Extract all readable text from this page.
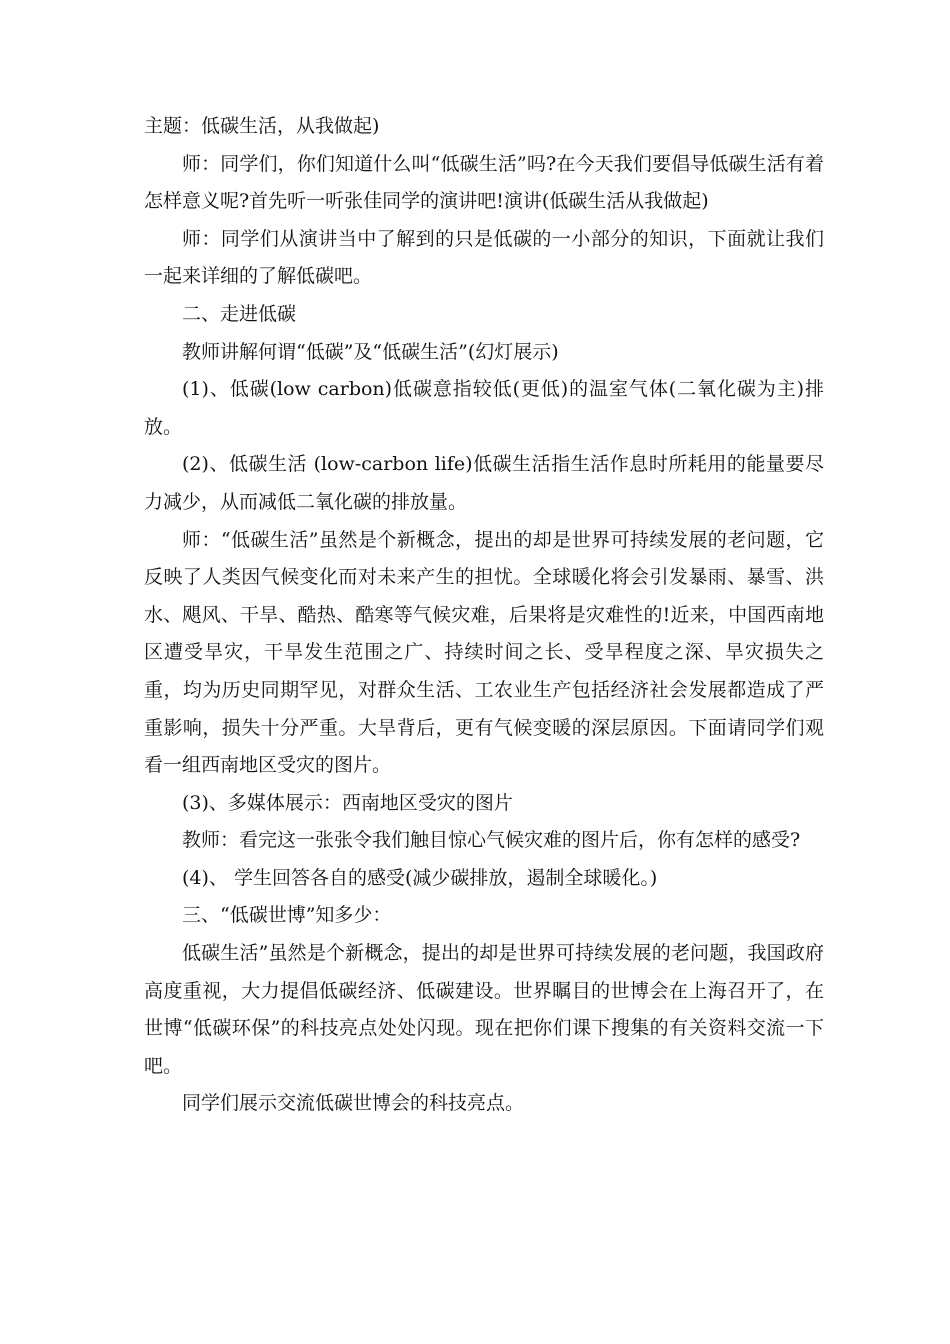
主题：低碳生活，从我做起)

师：同学们，你们知道什么叫“低碳生活”吗?在今天我们要倡导低碳生活有着怎样意义呢?首先听一听张佳同学的演讲吧!演讲(低碳生活从我做起)

师：同学们从演讲当中了解到的只是低碳的一小部分的知识，下面就让我们一起来详细的了解低碳吧。

二、走进低碳

教师讲解何谓“低碳”及“低碳生活”(幻灯展示)

(1)、低碳(low carbon)低碳意指较低(更低)的温室气体(二氧化碳为主)排放。

(2)、低碳生活 (low-carbon life)低碳生活指生活作息时所耗用的能量要尽力减少，从而减低二氧化碳的排放量。

师：“低碳生活”虽然是个新概念，提出的却是世界可持续发展的老问题，它反映了人类因气候变化而对未来产生的担忧。全球暖化将会引发暴雨、暴雪、洪水、飓风、干旱、酷热、酷寒等气候灾难，后果将是灾难性的!近来，中国西南地区遭受旱灾，干旱发生范围之广、持续时间之长、受旱程度之深、旱灾损失之重，均为历史同期罕见，对群众生活、工农业生产包括经济社会发展都造成了严重影响，损失十分严重。大旱背后，更有气候变暖的深层原因。下面请同学们观看一组西南地区受灾的图片。

(3)、多媒体展示：西南地区受灾的图片

教师：看完这一张张令我们触目惊心气候灾难的图片后，你有怎样的感受?

(4)、 学生回答各自的感受(减少碳排放，遏制全球暖化。)

三、“低碳世博”知多少：

低碳生活”虽然是个新概念，提出的却是世界可持续发展的老问题，我国政府高度重视，大力提倡低碳经济、低碳建设。世界瞩目的世博会在上海召开了，在世博“低碳环保”的科技亮点处处闪现。现在把你们课下搜集的有关资料交流一下吧。

同学们展示交流低碳世博会的科技亮点。
